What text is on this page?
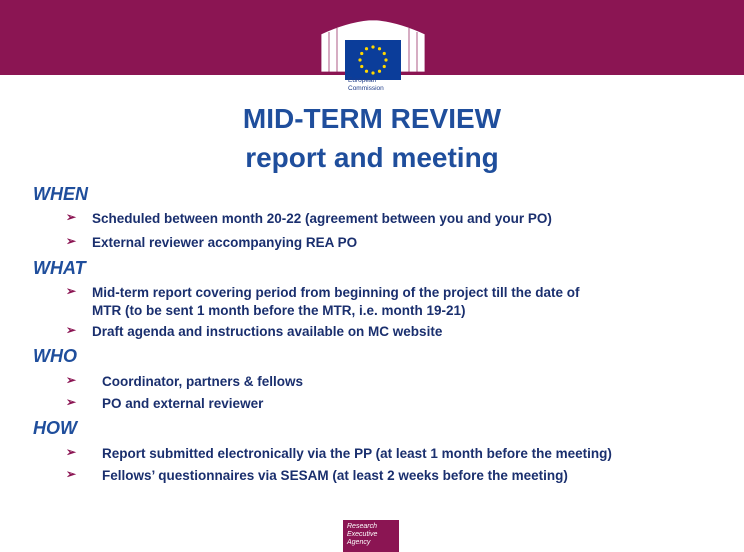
European
Commission
MID-TERM REVIEW
report and meeting
WHEN
➢ Scheduled between month 20-22 (agreement between you and your PO)
➢ External reviewer accompanying REA PO
WHAT
➢ Mid-term report covering period from beginning of the project till the date of
MTR (to be sent 1 month before the MTR, i.e. month 19-21)
➢ Draft agenda and instructions available on MC website
WHO
➢ Coordinator, partners & fellows
➢ PO and external reviewer
HOW
➢ Report submitted electronically via the PP (at least 1 month before the meeting)
➢ Fellows’ questionnaires via SESAM (at least 2 weeks before the meeting)
Research
Executive
Agency
